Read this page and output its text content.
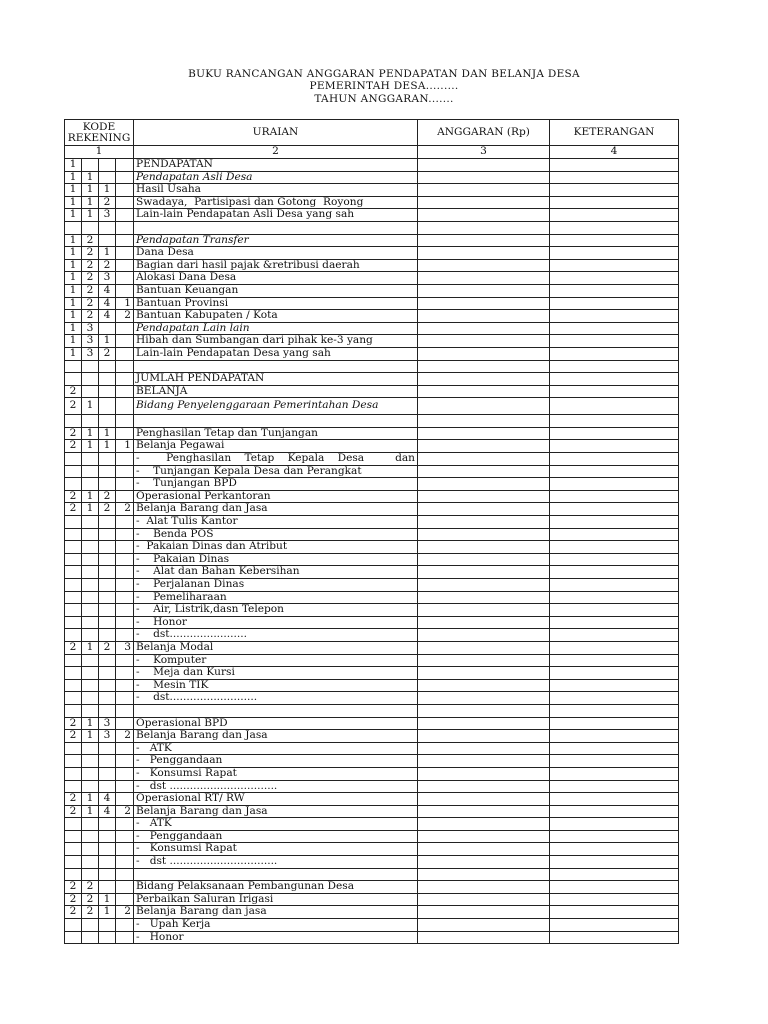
BUKU RANCANGAN ANGGARAN PENDAPATAN DAN BELANJA DESA
PEMERINTAH DESA.........
TAHUN ANGGARAN.......
KODE REKENING				URAIAN	ANGGARAN (Rp)	KETERANGAN
1				2	3	4
1				PENDAPATAN		
1	1			Pendapatan Asli Desa		
1	1	1		Hasil Usaha		
1	1	2		Swadaya,  Partisipasi dan Gotong  Royong		
1	1	3		Lain-lain Pendapatan Asli Desa yang sah		

1	2			Pendapatan Transfer		
1	2	1		Dana Desa		
1	2	2		Bagian dari hasil pajak &retribusi daerah		
1	2	3		Alokasi Dana Desa		
1	2	4		Bantuan Keuangan		
1	2	4	1	Bantuan Provinsi		
1	2	4	2	Bantuan Kabupaten / Kota		
1	3			Pendapatan Lain lain		
1	3	1		Hibah dan Sumbangan dari pihak ke-3 yang		
1	3	2		Lain-lain Pendapatan Desa yang sah		

				JUMLAH PENDAPATAN		
2				BELANJA		
2	1			Bidang Penyelenggaraan Pemerintahan Desa		

2	1	1		Penghasilan Tetap dan Tunjangan		
2	1	1	1	Belanja Pegawai		
				-      Penghasilan   Tetap   Kepala   Desa       dan		
				-    Tunjangan Kepala Desa dan Perangkat		
				-    Tunjangan BPD		
2	1	2		Operasional Perkantoran		
2	1	2	2	Belanja Barang dan Jasa		
				-  Alat Tulis Kantor		
				-    Benda POS		
				-  Pakaian Dinas dan Atribut		
				-    Pakaian Dinas		
				-    Alat dan Bahan Kebersihan		
				-    Perjalanan Dinas		
				-    Pemeliharaan		
				-    Air, Listrik,dasn Telepon		
				-    Honor		
				-    dst.......................		
2	1	2	3	Belanja Modal		
				-    Komputer		
				-    Meja dan Kursi		
				-    Mesin TIK		
				-    dst..........................		

2	1	3		Operasional BPD		
2	1	3	2	Belanja Barang dan Jasa		
				-   ATK		
				-   Penggandaan		
				-   Konsumsi Rapat		
				-   dst ................................		
2	1	4		Operasional RT/ RW		
2	1	4	2	Belanja Barang dan Jasa		
				-   ATK		
				-   Penggandaan		
				-   Konsumsi Rapat		
				-   dst ................................		

2	2			Bidang Pelaksanaan Pembangunan Desa		
2	2	1		Perbaikan Saluran Irigasi		
2	2	1	2	Belanja Barang dan jasa		
				-   Upah Kerja		
				-   Honor		
